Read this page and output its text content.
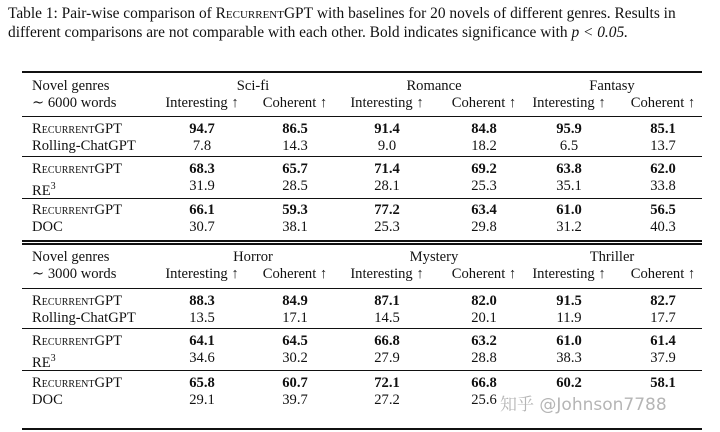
Table 1: Pair-wise comparison of RecurrentGPT with baselines for 20 novels of different genres. Results in different comparisons are not comparable with each other. Bold indicates significance with p < 0.05.
Novel genres
∼ 6000 words
Sci-fi	Romance	Fantasy
Interesting ↑ Coherent ↑ Interesting ↑ Coherent ↑ Interesting ↑ Coherent ↑
RecurrentGPT	94.7	86.5	91.4	84.8	95.9	85.1
Rolling-ChatGPT	7.8	14.3	9.0	18.2	6.5	13.7
RecurrentGPT	68.3	65.7	71.4	69.2	63.8	62.0
$RE^3$	31.9	28.5	28.1	25.3	35.1	33.8
RecurrentGPT	66.1	59.3	77.2	63.4	61.0	56.5
DOC	30.7	38.1	25.3	29.8	31.2	40.3
Novel genres
∼ 3000 words
Horror	Mystery	Thriller
Interesting ↑ Coherent ↑ Interesting ↑ Coherent ↑ Interesting ↑ Coherent ↑
RecurrentGPT	88.3	84.9	87.1	82.0	91.5	82.7
Rolling-ChatGPT	13.5	17.1	14.5	20.1	11.9	17.7
RecurrentGPT	64.1	64.5	66.8	63.2	61.0	61.4
$RE^3$	34.6	30.2	27.9	28.8	38.3	37.9
RecurrentGPT	65.8	60.7	72.1	66.8	60.2	58.1
DOC	29.1	39.7	27.2	25.6 知乎 @Johnson7788
